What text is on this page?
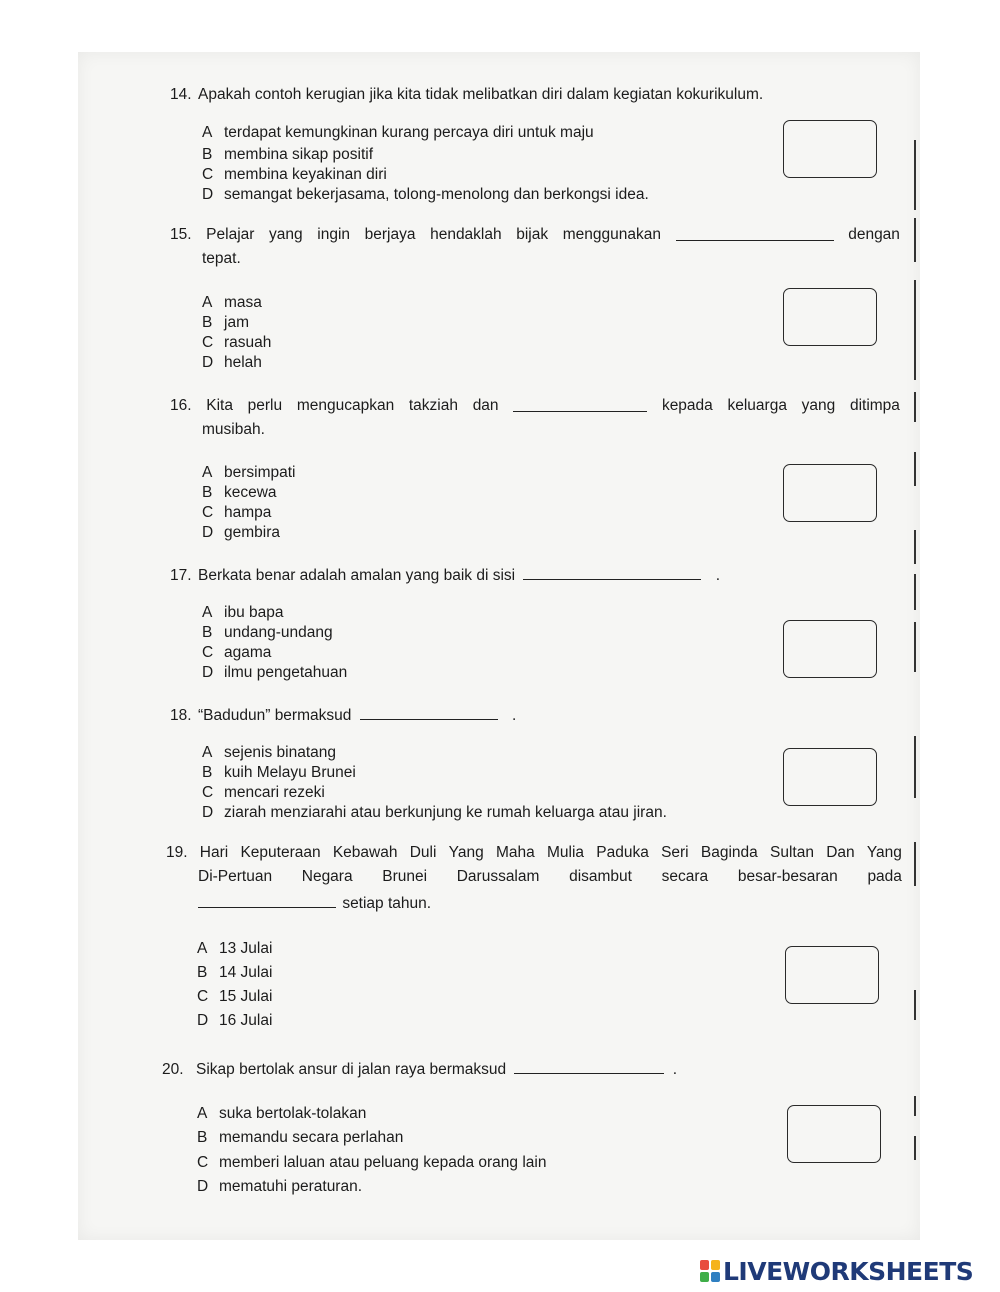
14. Apakah contoh kerugian jika kita tidak melibatkan diri dalam kegiatan kokurikulum.
A terdapat kemungkinan kurang percaya diri untuk maju
B membina sikap positif
C membina keyakinan diri
D semangat bekerjasama, tolong-menolong dan berkongsi idea.
15. Pelajar yang ingin berjaya hendaklah bijak menggunakan	dengan
tepat.
A masa
B jam
C rasuah
D helah
16. Kita perlu mengucapkan takziah dan	kepada keluarga yang ditimpa
musibah.
A bersimpati
B kecewa
C hampa
D gembira
17. Berkata benar adalah amalan yang baik di sisi	.
A ibu bapa
B undang-undang
C agama
D ilmu pengetahuan
18. “Badudun” bermaksud	.
A sejenis binatang
B kuih Melayu Brunei
C mencari rezeki
D ziarah menziarahi atau berkunjung ke rumah keluarga atau jiran.
19. Hari Keputeraan Kebawah Duli Yang Maha Mulia Paduka Seri Baginda Sultan Dan Yang
Di-Pertuan Negara Brunei Darussalam disambut secara besar-besaran pada
setiap tahun.
A 13 Julai
B 14 Julai
C 15 Julai
D 16 Julai
20. Sikap bertolak ansur di jalan raya bermaksud	.
A suka bertolak-tolakan
B memandu secara perlahan
C memberi laluan atau peluang kepada orang lain
D mematuhi peraturan.
LIVEWORKSHEETS
